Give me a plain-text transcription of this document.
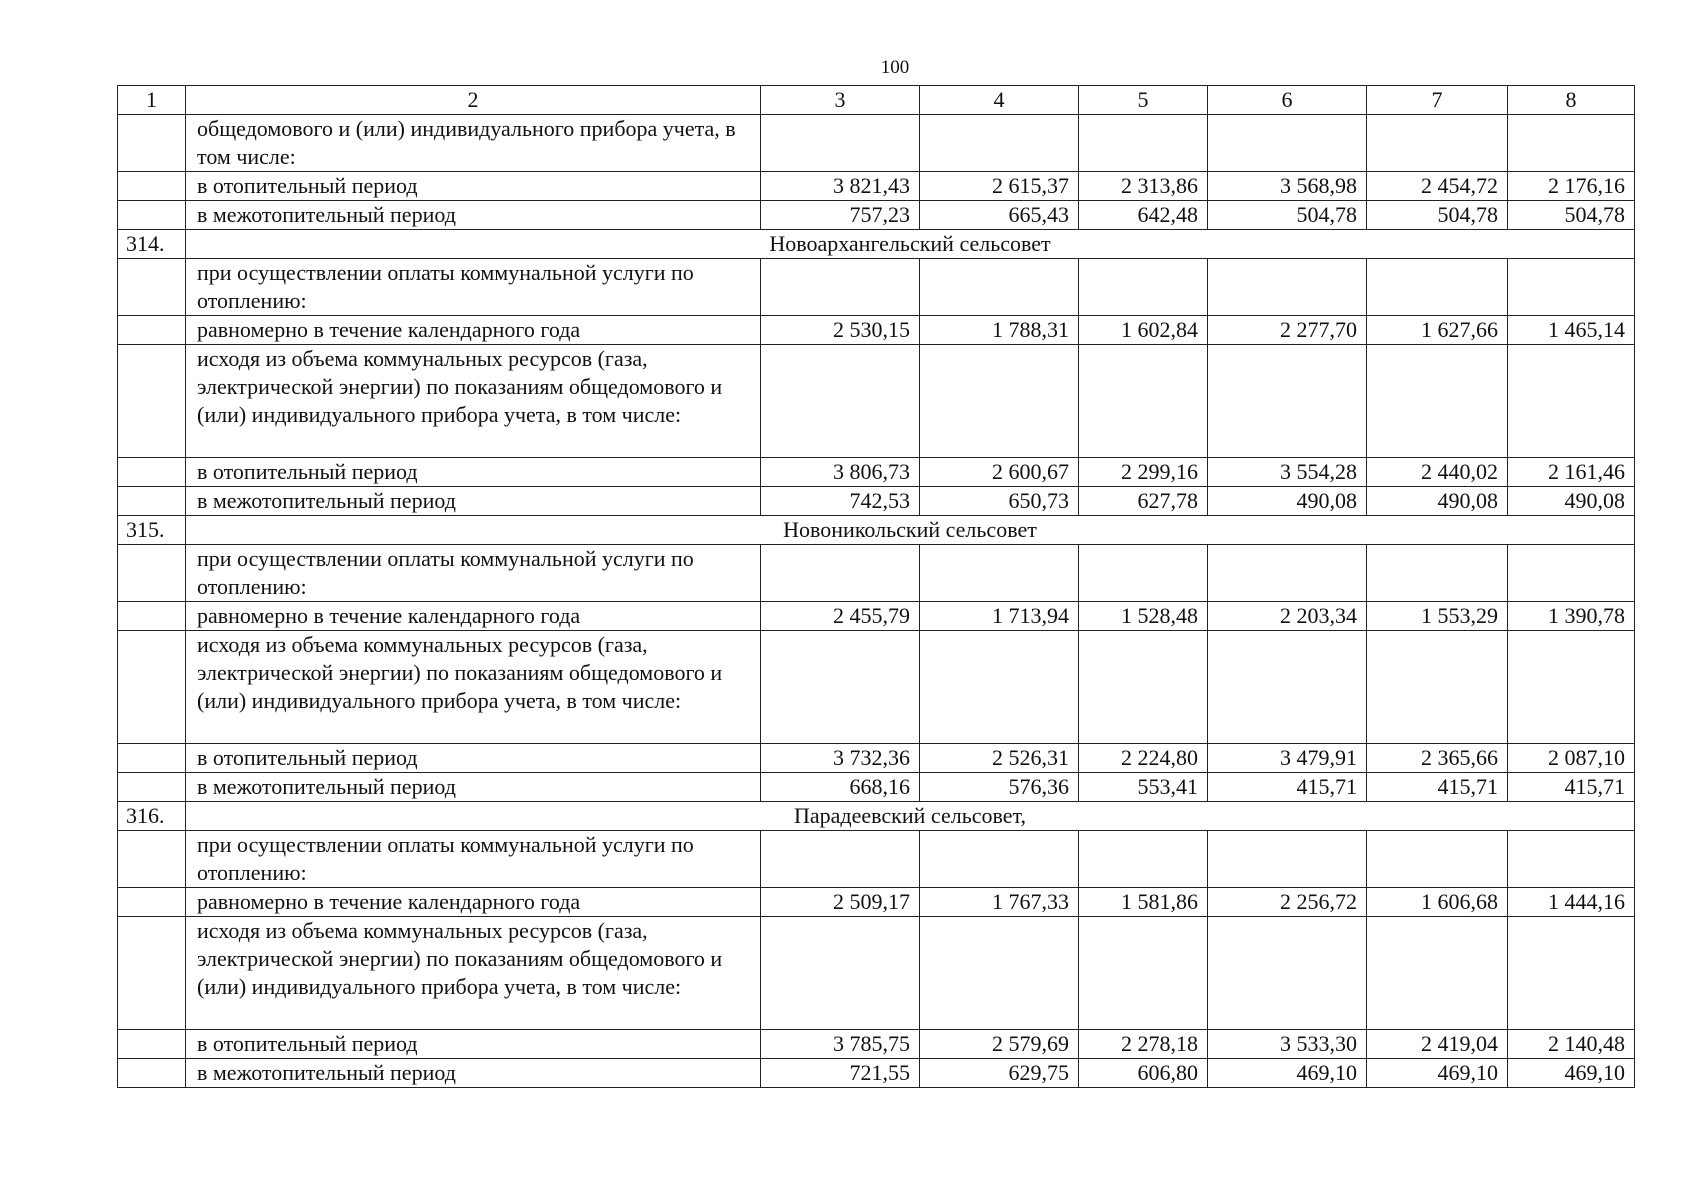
100
1	2	3	4	5	6	7	8
	общедомового и (или) индивидуального прибора учета, в том числе:						
	в отопительный период	3 821,43	2 615,37	2 313,86	3 568,98	2 454,72	2 176,16
	в межотопительный период	757,23	665,43	642,48	504,78	504,78	504,78
314.	Новоархангельский сельсовет						
	при осуществлении оплаты коммунальной услуги по отоплению:						
	равномерно в течение календарного года	2 530,15	1 788,31	1 602,84	2 277,70	1 627,66	1 465,14
	исходя из объема коммунальных ресурсов (газа, электрической энергии) по показаниям общедомового и (или) индивидуального прибора учета, в том числе:						
	в отопительный период	3 806,73	2 600,67	2 299,16	3 554,28	2 440,02	2 161,46
	в межотопительный период	742,53	650,73	627,78	490,08	490,08	490,08
315.	Новоникольский сельсовет						
	при осуществлении оплаты коммунальной услуги по отоплению:						
	равномерно в течение календарного года	2 455,79	1 713,94	1 528,48	2 203,34	1 553,29	1 390,78
	исходя из объема коммунальных ресурсов (газа, электрической энергии) по показаниям общедомового и (или) индивидуального прибора учета, в том числе:						
	в отопительный период	3 732,36	2 526,31	2 224,80	3 479,91	2 365,66	2 087,10
	в межотопительный период	668,16	576,36	553,41	415,71	415,71	415,71
316.	Парадеевский сельсовет,						
	при осуществлении оплаты коммунальной услуги по отоплению:						
	равномерно в течение календарного года	2 509,17	1 767,33	1 581,86	2 256,72	1 606,68	1 444,16
	исходя из объема коммунальных ресурсов (газа, электрической энергии) по показаниям общедомового и (или) индивидуального прибора учета, в том числе:						
	в отопительный период	3 785,75	2 579,69	2 278,18	3 533,30	2 419,04	2 140,48
	в межотопительный период	721,55	629,75	606,80	469,10	469,10	469,10
